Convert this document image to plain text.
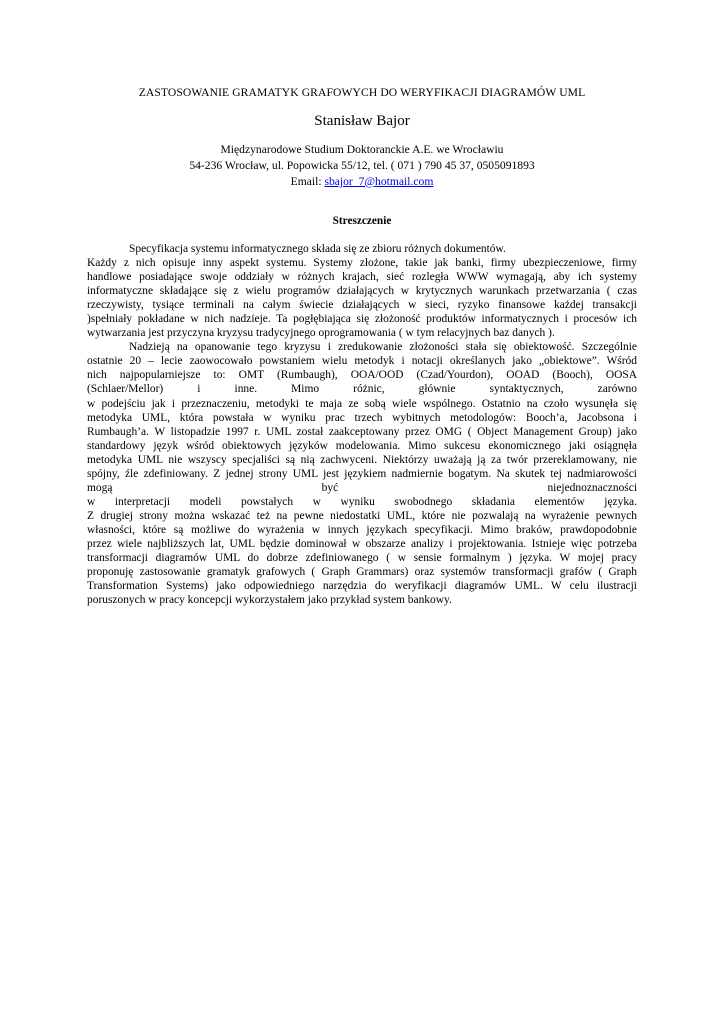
ZASTOSOWANIE GRAMATYK GRAFOWYCH DO WERYFIKACJI DIAGRAMÓW UML
Stanisław Bajor
Międzynarodowe Studium Doktoranckie A.E. we Wrocławiu
54-236 Wrocław, ul. Popowicka 55/12, tel. ( 071 ) 790 45 37, 0505091893
Email: sbajor_7@hotmail.com
Streszczenie
Specyfikacja systemu informatycznego składa się ze zbioru różnych dokumentów.
Każdy z nich opisuje inny aspekt systemu. Systemy złożone, takie jak banki, firmy ubezpieczeniowe, firmy
handlowe posiadające swoje oddziały w różnych krajach, sieć rozległa WWW wymagają, aby ich systemy
informatyczne składające się z wielu programów działających w krytycznych warunkach przetwarzania ( czas
rzeczywisty, tysiące terminali na całym świecie działających w sieci, ryzyko finansowe każdej transakcji
)spełniały pokładane w nich nadzieje. Ta pogłębiająca się złożoność produktów informatycznych i procesów ich
wytwarzania jest przyczyna kryzysu tradycyjnego oprogramowania ( w tym relacyjnych baz danych ).
Nadzieją na opanowanie tego kryzysu i zredukowanie złożoności stała się obiektowość. Szczególnie
ostatnie 20 – lecie zaowocowało powstaniem wielu metodyk i notacji określanych jako „obiektowe”. Wśród
nich najpopularniejsze to: OMT (Rumbaugh), OOA/OOD (Czad/Yourdon), OOAD (Booch), OOSA
(Schlaer/Mellor) i inne. Mimo różnic, głównie syntaktycznych, zarówno
w podejściu jak i przeznaczeniu, metodyki te maja ze sobą wiele wspólnego. Ostatnio na czoło wysunęła się
metodyka UML, która powstała w wyniku prac trzech wybitnych metodologów: Booch’a, Jacobsona i
Rumbaugh’a. W listopadzie 1997 r. UML został zaakceptowany przez OMG ( Object Management Group) jako
standardowy język wśród obiektowych języków modelowania. Mimo sukcesu ekonomicznego jaki osiągnęła
metodyka UML nie wszyscy specjaliści są nią zachwyceni. Niektórzy uważają ją za twór przereklamowany, nie
spójny, źle zdefiniowany. Z jednej strony UML jest językiem nadmiernie bogatym. Na skutek tej nadmiarowości
mogą być niejednoznaczności
w interpretacji modeli powstałych w wyniku swobodnego składania elementów języka.
Z drugiej strony można wskazać też na pewne niedostatki UML, które nie pozwalają na wyrażenie pewnych
własności, które są możliwe do wyrażenia w innych językach specyfikacji. Mimo braków, prawdopodobnie
przez wiele najbliższych lat, UML będzie dominował w obszarze analizy i projektowania. Istnieje więc potrzeba
transformacji diagramów UML do dobrze zdefiniowanego ( w sensie formalnym ) języka. W mojej pracy
proponuję zastosowanie gramatyk grafowych ( Graph Grammars) oraz systemów transformacji grafów ( Graph
Transformation Systems) jako odpowiedniego narzędzia do weryfikacji diagramów UML. W celu ilustracji
poruszonych w pracy koncepcji wykorzystałem jako przykład system bankowy.
